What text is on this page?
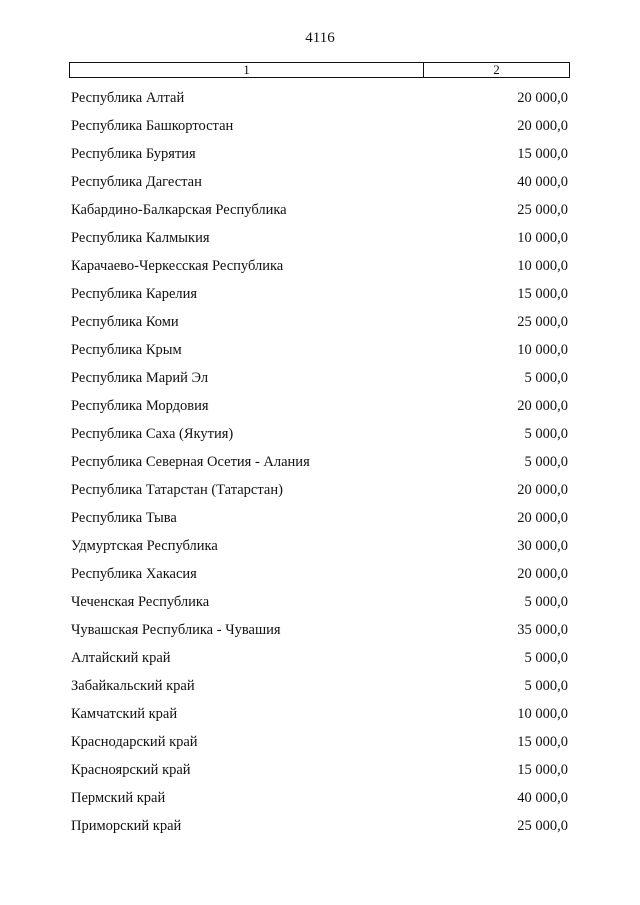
4116
1	2
Республика Алтай	20 000,0
Республика Башкортостан	20 000,0
Республика Бурятия	15 000,0
Республика Дагестан	40 000,0
Кабардино-Балкарская Республика	25 000,0
Республика Калмыкия	10 000,0
Карачаево-Черкесская Республика	10 000,0
Республика Карелия	15 000,0
Республика Коми	25 000,0
Республика Крым	10 000,0
Республика Марий Эл	5 000,0
Республика Мордовия	20 000,0
Республика Саха (Якутия)	5 000,0
Республика Северная Осетия - Алания	5 000,0
Республика Татарстан (Татарстан)	20 000,0
Республика Тыва	20 000,0
Удмуртская Республика	30 000,0
Республика Хакасия	20 000,0
Чеченская Республика	5 000,0
Чувашская Республика - Чувашия	35 000,0
Алтайский край	5 000,0
Забайкальский край	5 000,0
Камчатский край	10 000,0
Краснодарский край	15 000,0
Красноярский край	15 000,0
Пермский край	40 000,0
Приморский край	25 000,0
